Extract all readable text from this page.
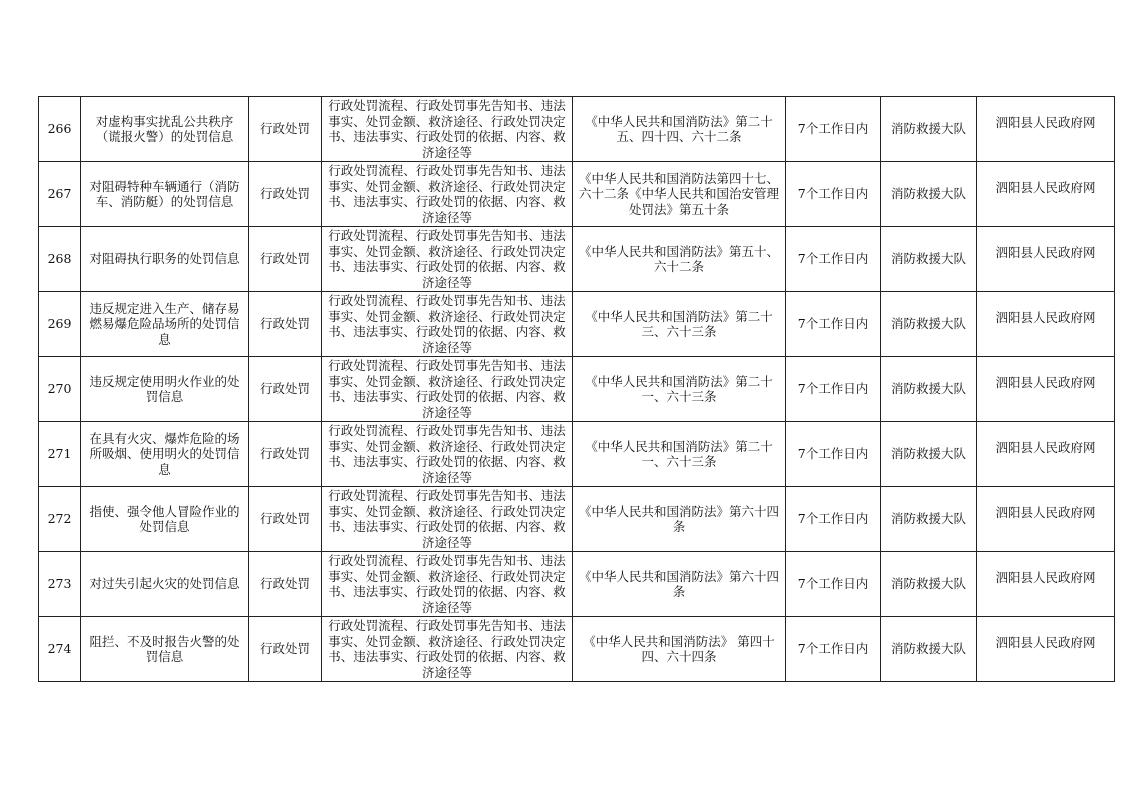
266	对虚构事实扰乱公共秩序（谎报火警）的处罚信息	行政处罚	行政处罚流程、行政处罚事先告知书、违法事实、处罚金额、救济途径、行政处罚决定书、违法事实、行政处罚的依据、内容、救济途径等	《中华人民共和国消防法》第二十五、四十四、六十二条	7个工作日内	消防救援大队	泗阳县人民政府网

267	对阻碍特种车辆通行（消防车、消防艇）的处罚信息	行政处罚	行政处罚流程、行政处罚事先告知书、违法事实、处罚金额、救济途径、行政处罚决定书、违法事实、行政处罚的依据、内容、救济途径等	《中华人民共和国消防法第四十七、六十二条《中华人民共和国治安管理处罚法》第五十条	7个工作日内	消防救援大队	泗阳县人民政府网

268	对阻碍执行职务的处罚信息	行政处罚	行政处罚流程、行政处罚事先告知书、违法事实、处罚金额、救济途径、行政处罚决定书、违法事实、行政处罚的依据、内容、救济途径等	《中华人民共和国消防法》第五十、六十二条	7个工作日内	消防救援大队	泗阳县人民政府网

269	违反规定进入生产、储存易燃易爆危险品场所的处罚信息	行政处罚	行政处罚流程、行政处罚事先告知书、违法事实、处罚金额、救济途径、行政处罚决定书、违法事实、行政处罚的依据、内容、救济途径等	《中华人民共和国消防法》第二十三、六十三条	7个工作日内	消防救援大队	泗阳县人民政府网

270	违反规定使用明火作业的处罚信息	行政处罚	行政处罚流程、行政处罚事先告知书、违法事实、处罚金额、救济途径、行政处罚决定书、违法事实、行政处罚的依据、内容、救济途径等	《中华人民共和国消防法》第二十一、六十三条	7个工作日内	消防救援大队	泗阳县人民政府网

271	在具有火灾、爆炸危险的场所吸烟、使用明火的处罚信息	行政处罚	行政处罚流程、行政处罚事先告知书、违法事实、处罚金额、救济途径、行政处罚决定书、违法事实、行政处罚的依据、内容、救济途径等	《中华人民共和国消防法》第二十一、六十三条	7个工作日内	消防救援大队	泗阳县人民政府网

272	指使、强令他人冒险作业的处罚信息	行政处罚	行政处罚流程、行政处罚事先告知书、违法事实、处罚金额、救济途径、行政处罚决定书、违法事实、行政处罚的依据、内容、救济途径等	《中华人民共和国消防法》第六十四条	7个工作日内	消防救援大队	泗阳县人民政府网

273	对过失引起火灾的处罚信息	行政处罚	行政处罚流程、行政处罚事先告知书、违法事实、处罚金额、救济途径、行政处罚决定书、违法事实、行政处罚的依据、内容、救济途径等	《中华人民共和国消防法》第六十四条	7个工作日内	消防救援大队	泗阳县人民政府网

274	阻拦、不及时报告火警的处罚信息	行政处罚	行政处罚流程、行政处罚事先告知书、违法事实、处罚金额、救济途径、行政处罚决定书、违法事实、行政处罚的依据、内容、救济途径等	《中华人民共和国消防法》 第四十四、六十四条	7个工作日内	消防救援大队	泗阳县人民政府网
